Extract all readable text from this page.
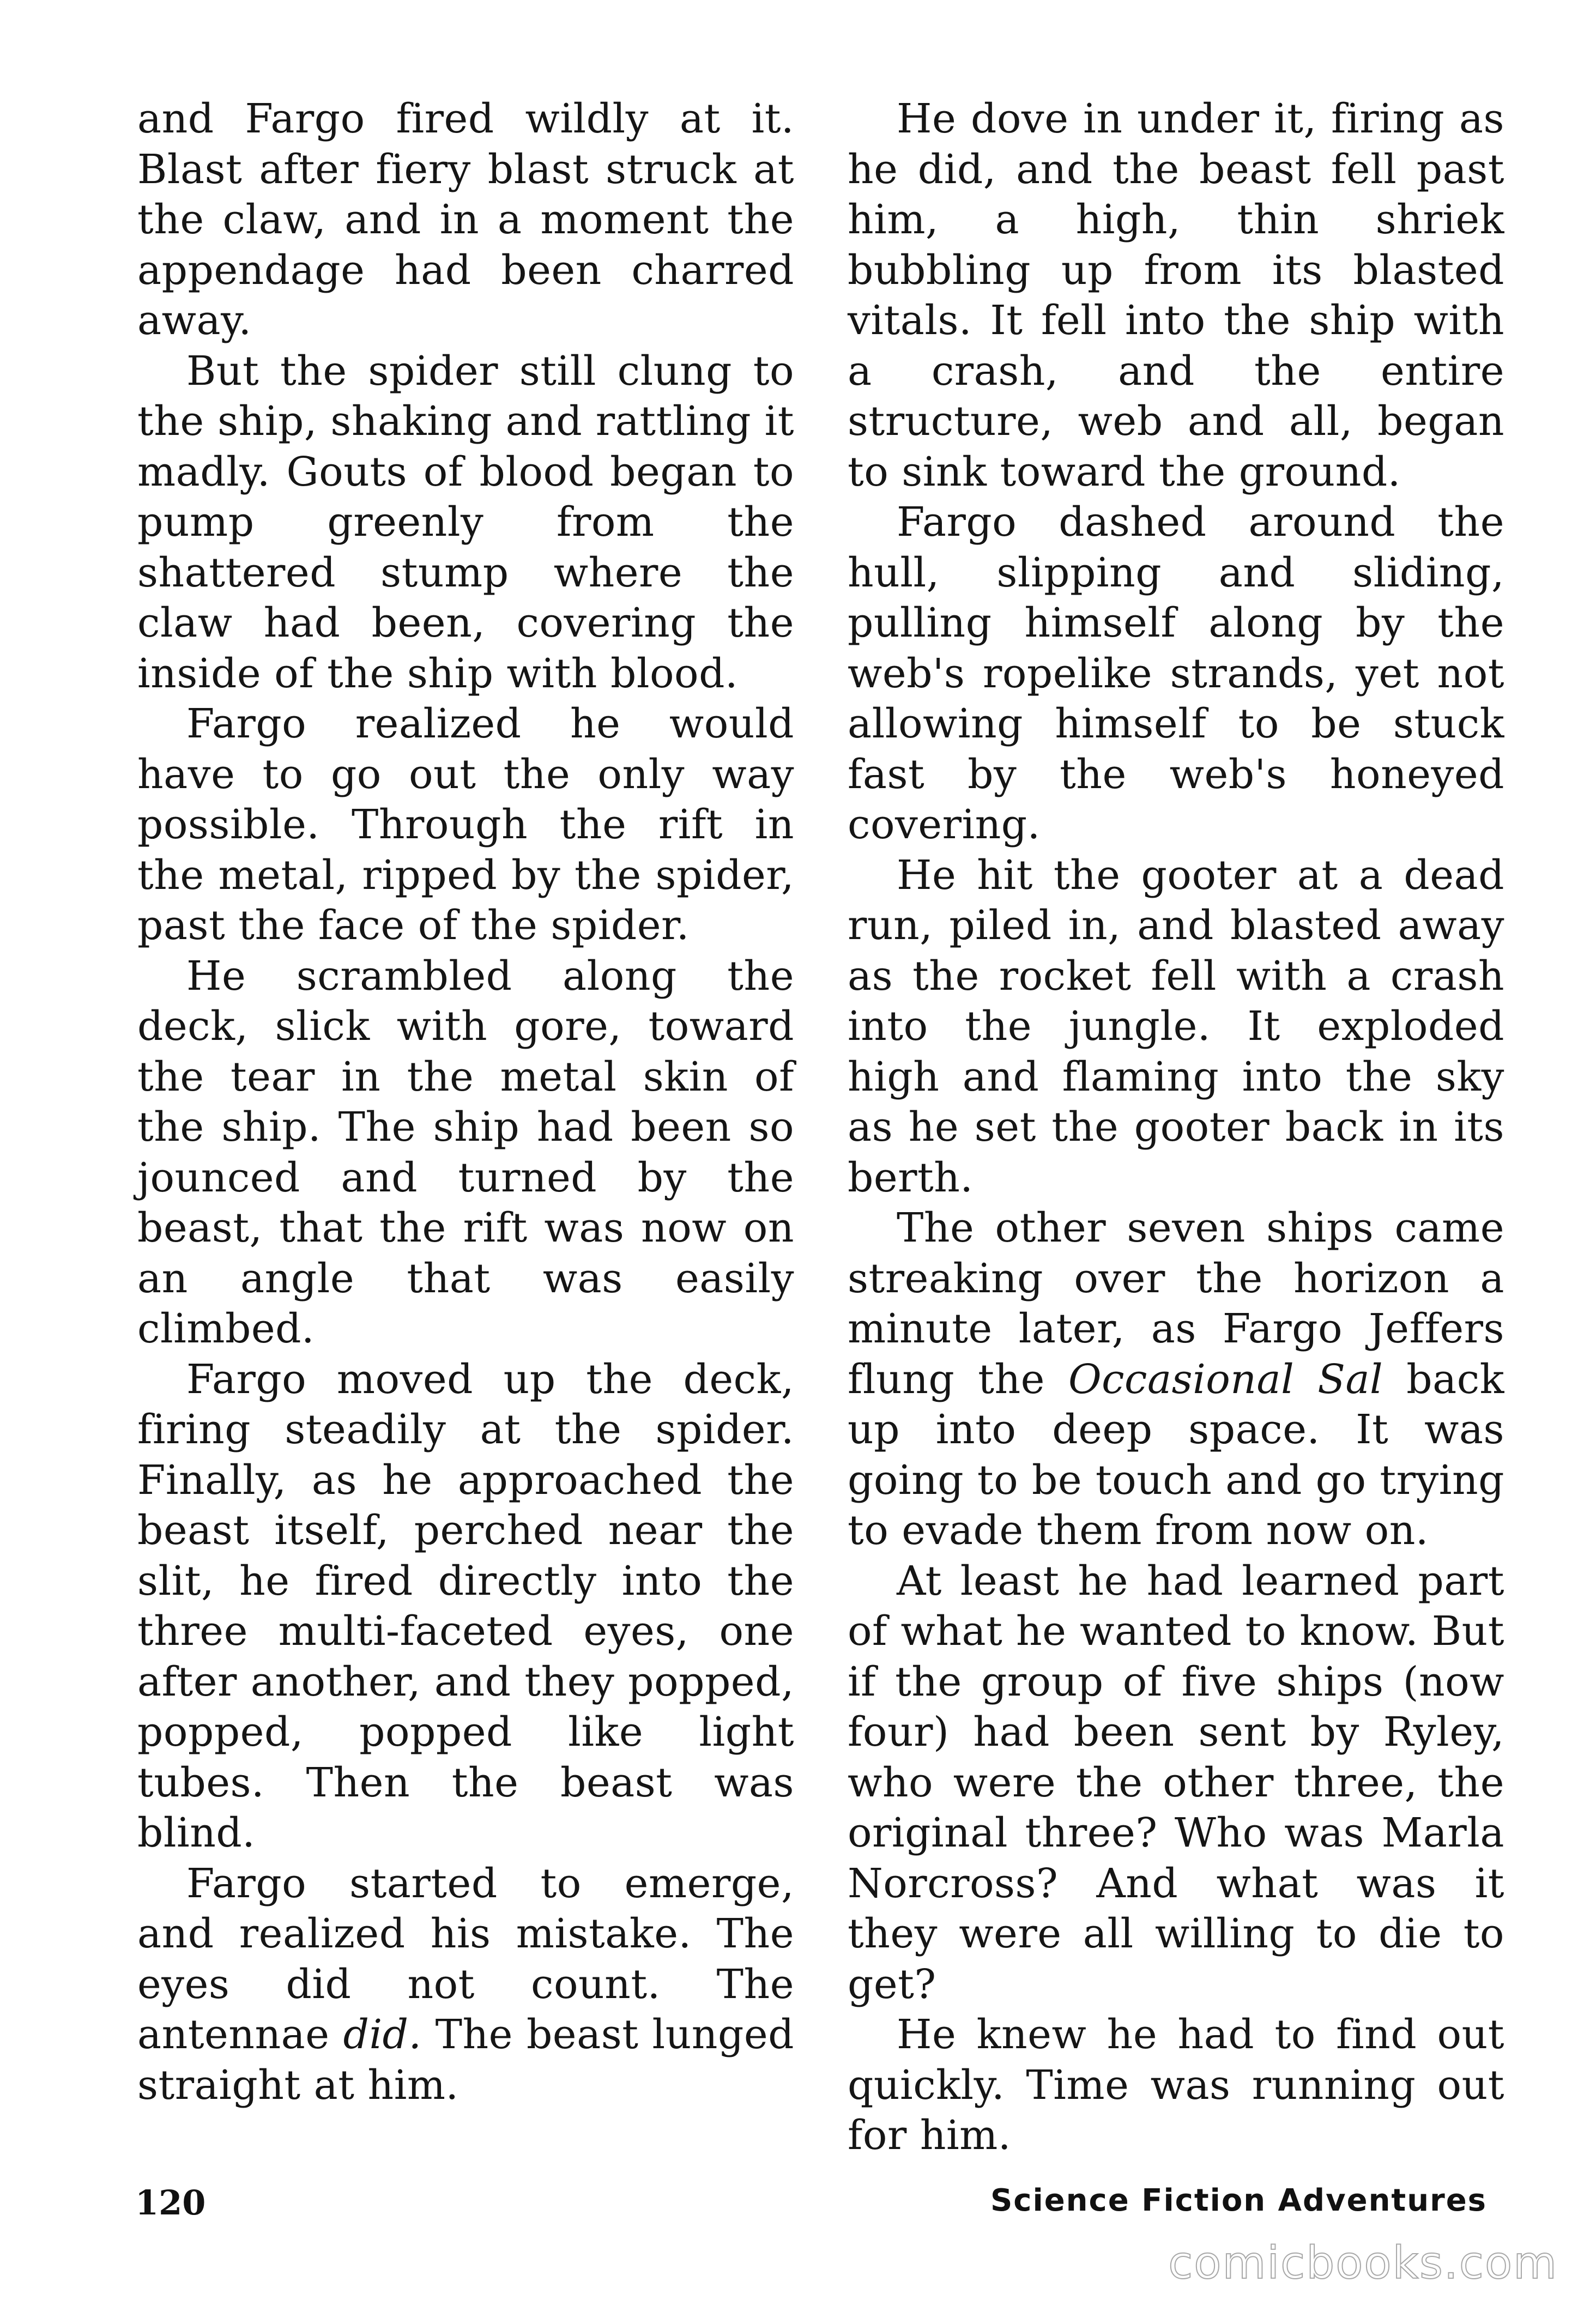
and Fargo fired wildly at it. Blast after fiery blast struck at the claw, and in a moment the appendage had been charred away.

But the spider still clung to the ship, shaking and rattling it madly. Gouts of blood began to pump greenly from the shattered stump where the claw had been, covering the inside of the ship with blood.

Fargo realized he would have to go out the only way possible. Through the rift in the metal, ripped by the spider, past the face of the spider.

He scrambled along the deck, slick with gore, toward the tear in the metal skin of the ship. The ship had been so jounced and turned by the beast, that the rift was now on an angle that was easily climbed.

Fargo moved up the deck, firing steadily at the spider. Finally, as he approached the beast itself, perched near the slit, he fired directly into the three multi-faceted eyes, one after another, and they popped, popped, popped like light tubes. Then the beast was blind.

Fargo started to emerge, and realized his mistake. The eyes did not count. The antennae did. The beast lunged straight at him.

He dove in under it, firing as he did, and the beast fell past him, a high, thin shriek bubbling up from its blasted vitals. It fell into the ship with a crash, and the entire structure, web and all, began to sink toward the ground.

Fargo dashed around the hull, slipping and sliding, pulling himself along by the web's ropelike strands, yet not allowing himself to be stuck fast by the web's honeyed covering.

He hit the gooter at a dead run, piled in, and blasted away as the rocket fell with a crash into the jungle. It exploded high and flaming into the sky as he set the gooter back in its berth.

The other seven ships came streaking over the horizon a minute later, as Fargo Jeffers flung the Occasional Sal back up into deep space. It was going to be touch and go trying to evade them from now on.

At least he had learned part of what he wanted to know. But if the group of five ships (now four) had been sent by Ryley, who were the other three, the original three? Who was Marla Norcross? And what was it they were all willing to die to get?

He knew he had to find out quickly. Time was running out for him.

120	Science Fiction Adventures
comicbooks.com
